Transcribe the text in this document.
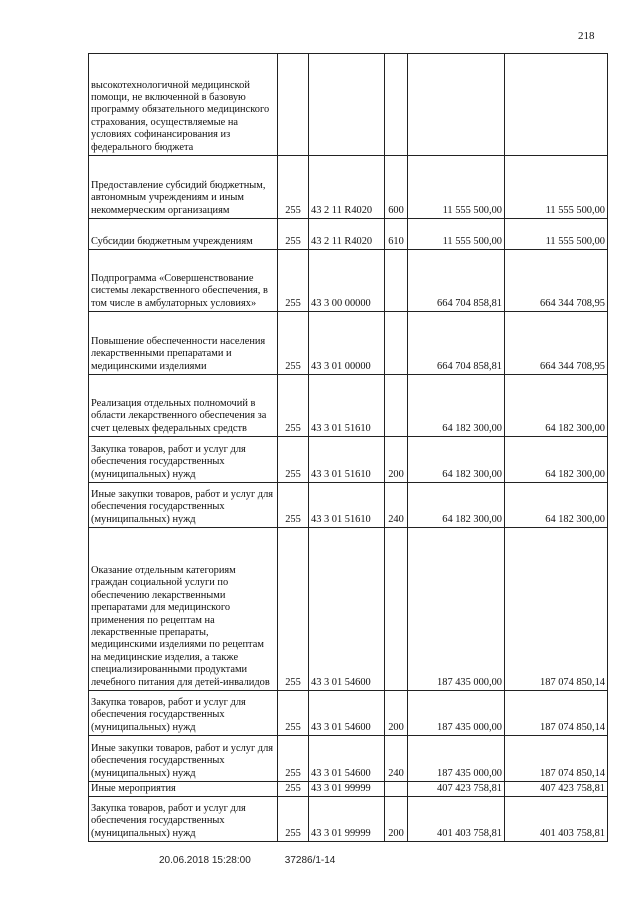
218
высокотехнологичной медицинской помощи, не включенной в базовую программу обязательного медицинского страхования, осуществляемые на условиях софинансирования из федерального бюджета					

Предоставление субсидий бюджетным, автономным учреждениям и иным некоммерческим организациям	255	43 2 11 R4020	600	11 555 500,00	11 555 500,00

Субсидии бюджетным учреждениям	255	43 2 11 R4020	610	11 555 500,00	11 555 500,00

Подпрограмма «Совершенствование системы лекарственного обеспечения, в том числе в амбулаторных условиях»	255	43 3 00 00000		664 704 858,81	664 344 708,95

Повышение обеспеченности населения лекарственными препаратами и медицинскими изделиями	255	43 3 01 00000		664 704 858,81	664 344 708,95

Реализация отдельных полномочий в области лекарственного обеспечения за счет целевых федеральных средств	255	43 3 01 51610		64 182 300,00	64 182 300,00

Закупка товаров, работ и услуг для обеспечения государственных (муниципальных) нужд	255	43 3 01 51610	200	64 182 300,00	64 182 300,00

Иные закупки товаров, работ и услуг для обеспечения государственных (муниципальных) нужд	255	43 3 01 51610	240	64 182 300,00	64 182 300,00

Оказание отдельным категориям граждан социальной услуги по обеспечению лекарственными препаратами для медицинского применения по рецептам на лекарственные препараты, медицинскими изделиями по рецептам на медицинские изделия, а также специализированными продуктами лечебного питания для детей-инвалидов	255	43 3 01 54600		187 435 000,00	187 074 850,14

Закупка товаров, работ и услуг для обеспечения государственных (муниципальных) нужд	255	43 3 01 54600	200	187 435 000,00	187 074 850,14

Иные закупки товаров, работ и услуг для обеспечения государственных (муниципальных) нужд	255	43 3 01 54600	240	187 435 000,00	187 074 850,14

Иные мероприятия	255	43 3 01 99999		407 423 758,81	407 423 758,81

Закупка товаров, работ и услуг для обеспечения государственных (муниципальных) нужд	255	43 3 01 99999	200	401 403 758,81	401 403 758,81
20.06.2018 15:28:00	37286/1-14
